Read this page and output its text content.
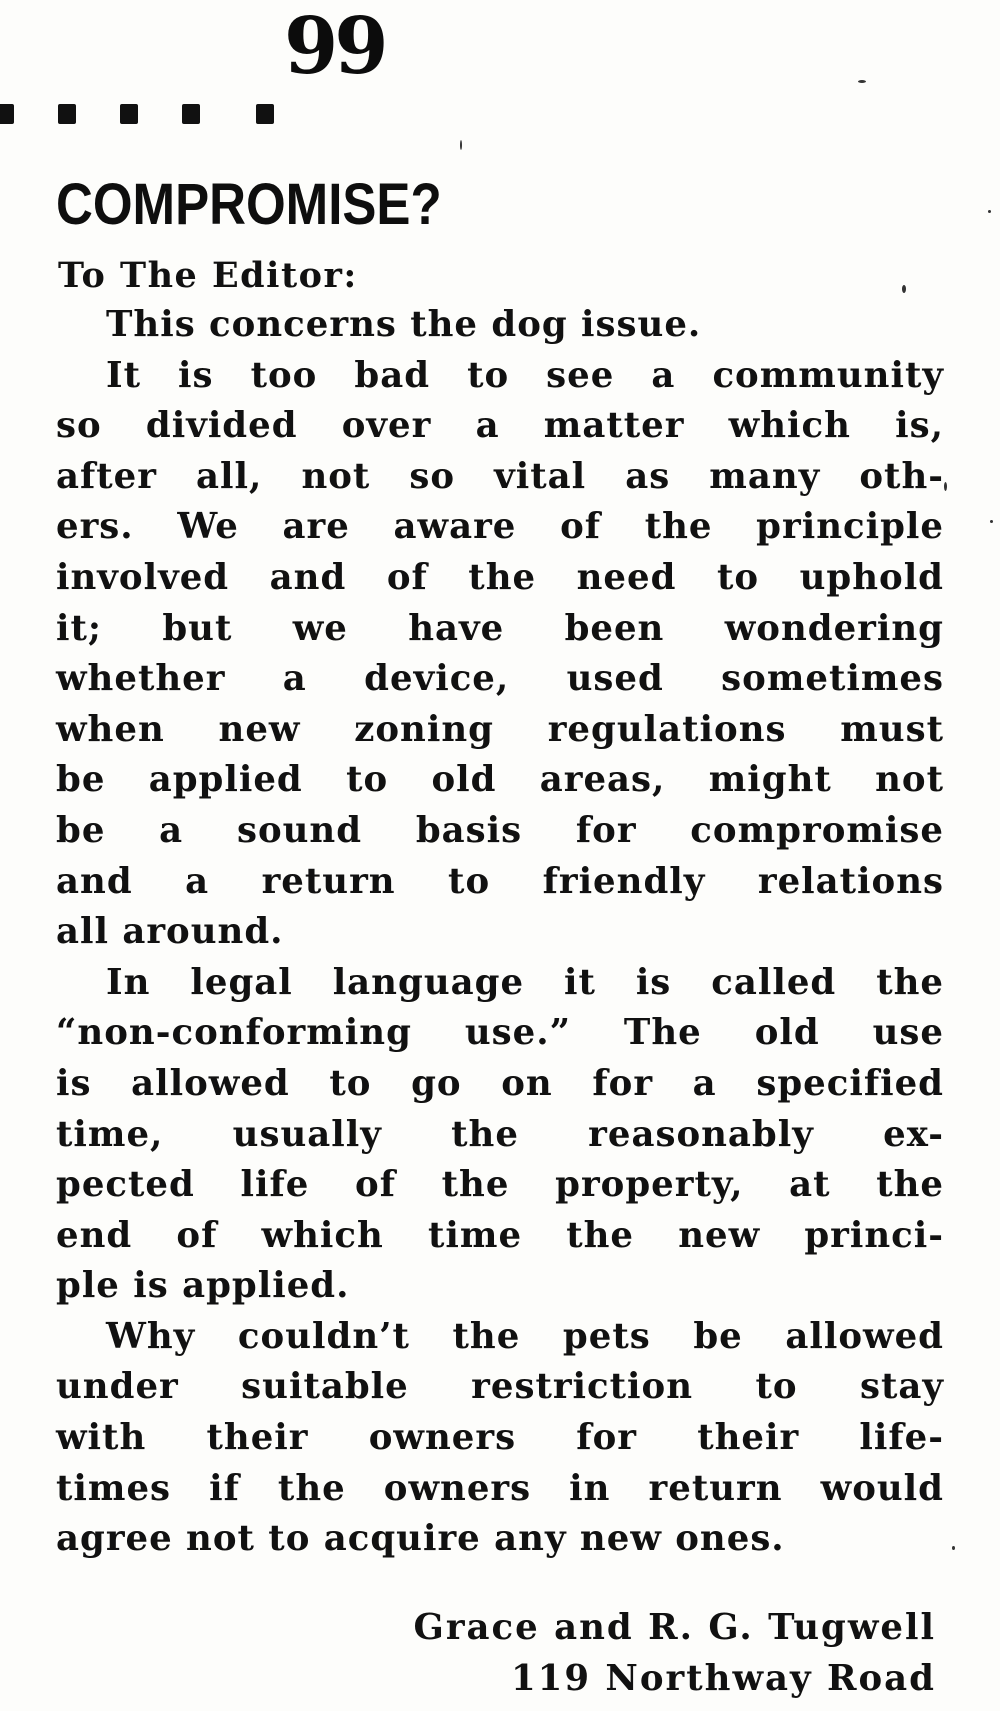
99
COMPROMISE?
To The Editor:
This concerns the dog issue.
It is too bad to see a community
so divided over a matter which is,
after all, not so vital as many oth-
ers. We are aware of the principle
involved and of the need to uphold
it; but we have been wondering
whether a device, used sometimes
when new zoning regulations must
be applied to old areas, might not
be a sound basis for compromise
and a return to friendly relations
all around.
In legal language it is called the
“non-conforming use.” The old use
is allowed to go on for a specified
time, usually the reasonably ex-
pected life of the property, at the
end of which time the new princi-
ple is applied.
Why couldn’t the pets be allowed
under suitable restriction to stay
with their owners for their life-
times if the owners in return would
agree not to acquire any new ones.
Grace and R. G. Tugwell
119 Northway Road
